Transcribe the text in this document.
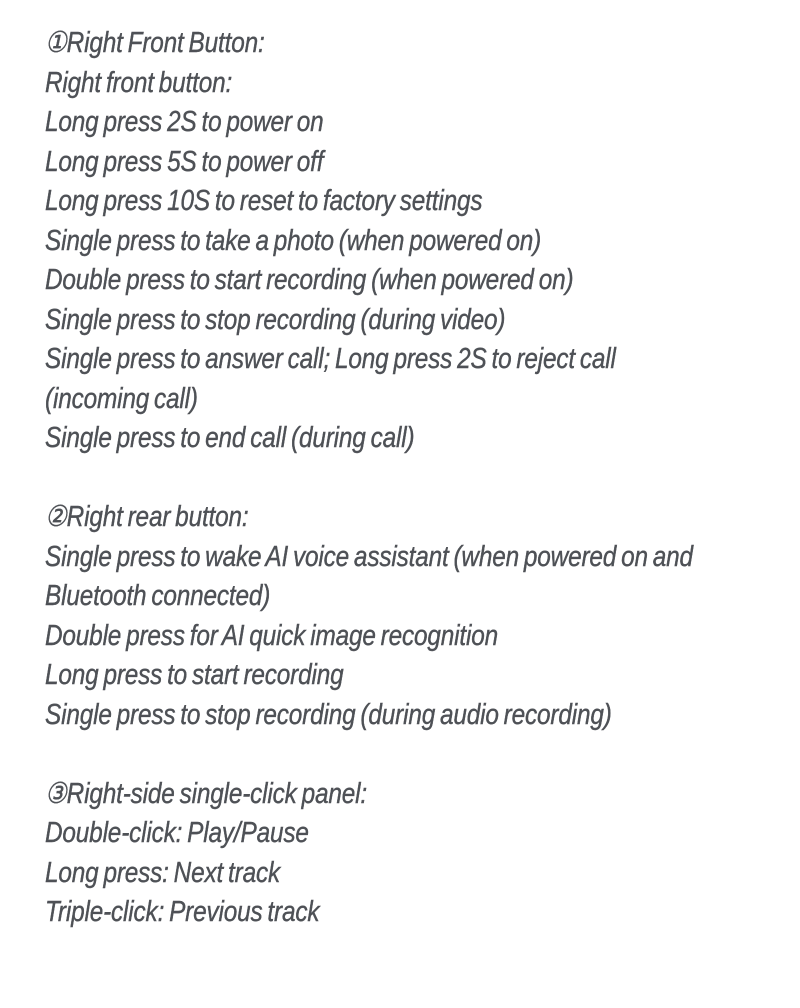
①Right Front Button:
Right front button:
Long press 2S to power on
Long press 5S to power off
Long press 10S to reset to factory settings
Single press to take a photo (when powered on)
Double press to start recording (when powered on)
Single press to stop recording (during video)
Single press to answer call; Long press 2S to reject call
(incoming call)
Single press to end call (during call)
②Right rear button:
Single press to wake AI voice assistant (when powered on and
Bluetooth connected)
Double press for AI quick image recognition
Long press to start recording
Single press to stop recording (during audio recording)
③Right-side single-click panel:
Double-click: Play/Pause
Long press: Next track
Triple-click: Previous track
